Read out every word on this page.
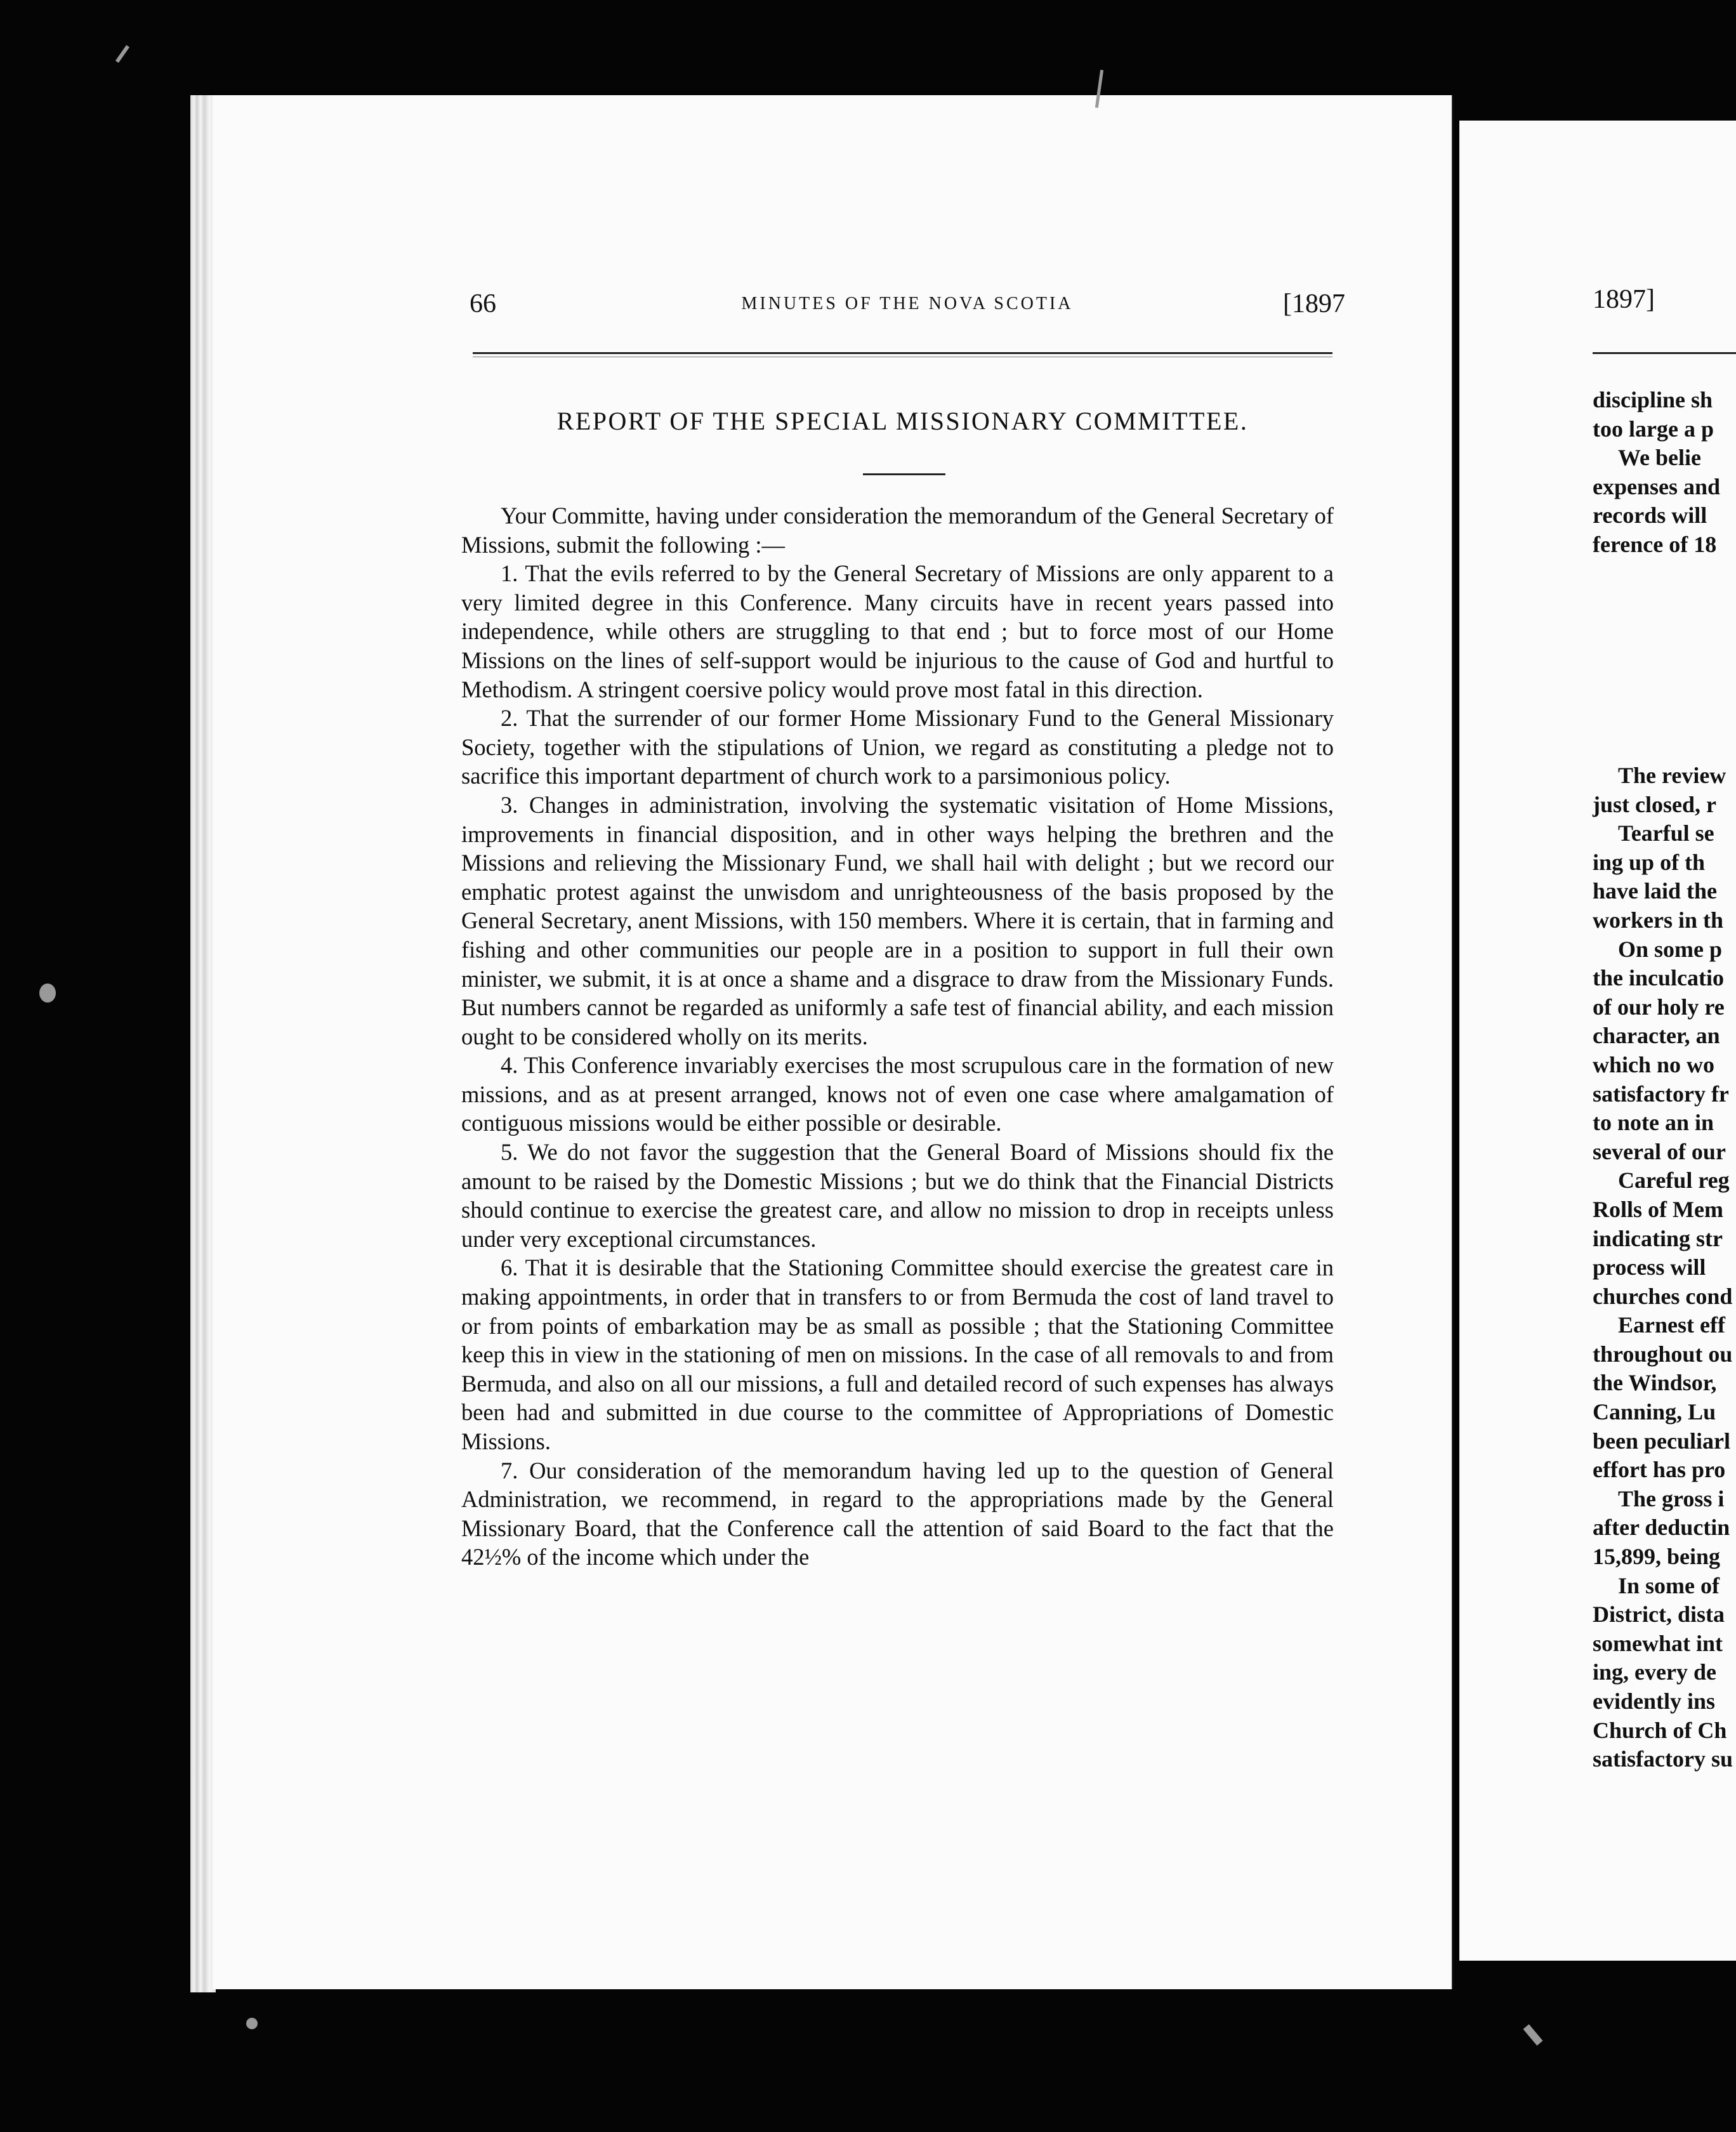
66	MINUTES OF THE NOVA SCOTIA	[1897
REPORT OF THE SPECIAL MISSIONARY COMMITTEE.

Your Committe, having under consideration the memorandum of the General Secretary of Missions, submit the following :—

1. That the evils referred to by the General Secretary of Missions are only apparent to a very limited degree in this Conference. Many circuits have in recent years passed into independence, while others are struggling to that end ; but to force most of our Home Missions on the lines of self-support would be injurious to the cause of God and hurtful to Methodism. A stringent coersive policy would prove most fatal in this direction.

2. That the surrender of our former Home Missionary Fund to the General Missionary Society, together with the stipulations of Union, we regard as constituting a pledge not to sacrifice this important department of church work to a parsimonious policy.

3. Changes in administration, involving the systematic visitation of Home Missions, improvements in financial disposition, and in other ways helping the brethren and the Missions and relieving the Missionary Fund, we shall hail with delight ; but we record our emphatic protest against the unwisdom and unrighteousness of the basis proposed by the General Secretary, anent Missions, with 150 members. Where it is certain, that in farming and fishing and other communities our people are in a position to support in full their own minister, we submit, it is at once a shame and a disgrace to draw from the Missionary Funds. But numbers cannot be regarded as uniformly a safe test of financial ability, and each mission ought to be considered wholly on its merits.

4. This Conference invariably exercises the most scrupulous care in the formation of new missions, and as at present arranged, knows not of even one case where amalgamation of contiguous missions would be either possible or desirable.

5. We do not favor the suggestion that the General Board of Missions should fix the amount to be raised by the Domestic Missions ; but we do think that the Financial Districts should continue to exercise the greatest care, and allow no mission to drop in receipts unless under very exceptional circumstances.

6. That it is desirable that the Stationing Committee should exercise the greatest care in making appointments, in order that in transfers to or from Bermuda the cost of land travel to or from points of embarkation may be as small as possible ; that the Stationing Committee keep this in view in the stationing of men on missions. In the case of all removals to and from Bermuda, and also on all our missions, a full and detailed record of such expenses has always been had and submitted in due course to the committee of Appropriations of Domestic Missions.

7. Our consideration of the memorandum having led up to the question of General Administration, we recommend, in regard to the appropriations made by the General Missionary Board, that the Conference call the attention of said Board to the fact that the 42½% of the income which under the

1897]
discipline sh
too large a p
We belie
expenses and
records will
ference of 18
The review
just closed, r
Tearful se
ing up of th
have laid the
workers in th
On some p
the inculcatio
of our holy re
character, an
which no wo
satisfactory fr
to note an in
several of our
Careful reg
Rolls of Mem
indicating str
process will
churches cond
Earnest eff
throughout ou
the Windsor,
Canning, Lu
been peculiarl
effort has pro
The gross i
after deductin
15,899, being
In some of
District, dista
somewhat int
ing, every de
evidently ins
Church of Ch
satisfactory su
